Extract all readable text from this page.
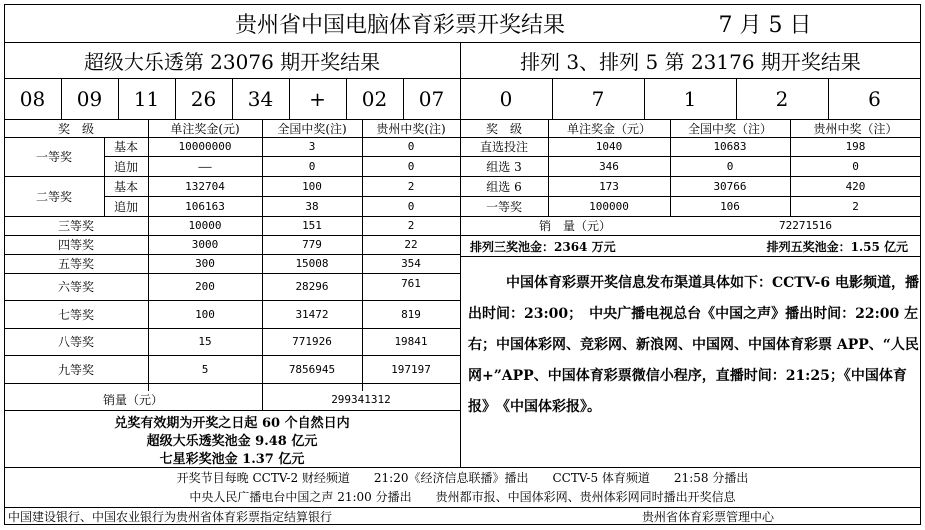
贵州省中国电脑体育彩票开奖结果	7 月 5 日
超级大乐透第 23076 期开奖结果	排列 3、排列 5 第 23176 期开奖结果
08	09	11	26	34	+	02	07	0	7	1	2	6
奖　级	单注奖金(元)	全国中奖(注)	贵州中奖(注)
一等奖
基本	10000000	3	0
追加	——	0	0
二等奖
基本	132704	100	2
追加	106163	38	0
三等奖	10000	151	2
四等奖	3000	779	22
五等奖	300	15008	354
六等奖	200	28296	761
七等奖	100	31472	819
八等奖	15	771926	19841
九等奖	5	7856945	197197
销量（元）	299341312
兑奖有效期为开奖之日起 60 个自然日内
超级大乐透奖池金 9.48 亿元
七星彩奖池金 1.37 亿元
奖　级	单注奖金（元）	全国中奖（注）	贵州中奖（注）
直选投注	1040	10683	198
组选 3	346	0	0
组选 6	173	30766	420
一等奖	100000	106	2
销　量（元）	72271516
排列三奖池金：2364 万元	排列五奖池金：1.55 亿元
中国体育彩票开奖信息发布渠道具体如下：CCTV-6 电影频道，播出时间：23:00；　中央广播电视总台《中国之声》播出时间：22:00 左右；中国体彩网、竞彩网、新浪网、中国网、中国体育彩票 APP、“人民网+”APP、中国体育彩票微信小程序，直播时间：21:25；《中国体育报》　《中国体彩报》。
开奖节目每晚 CCTV-2 财经频道　　21:20《经济信息联播》播出　　CCTV-5 体育频道　　21:58 分播出
中央人民广播电台中国之声 21:00 分播出　　贵州都市报、中国体彩网、贵州体彩网同时播出开奖信息
中国建设银行、中国农业银行为贵州省体育彩票指定结算银行	贵州省体育彩票管理中心
